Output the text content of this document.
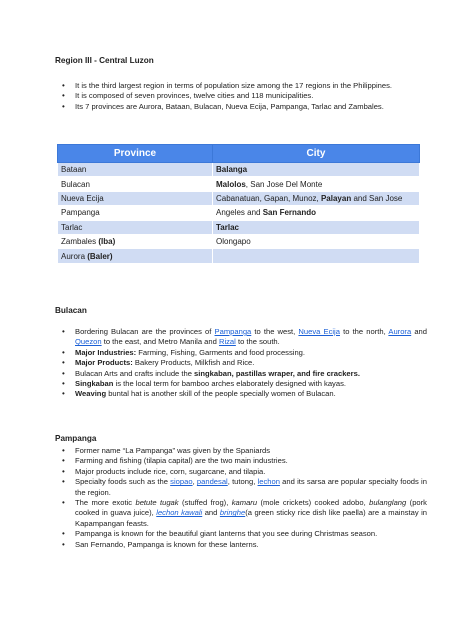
Region III - Central Luzon
• It is the third largest region in terms of population size among the 17 regions in the Philippines.
• It is composed of seven provinces, twelve cities and 118 municipalities.
• Its 7 provinces are Aurora, Bataan, Bulacan, Nueva Ecija, Pampanga, Tarlac and Zambales.
Province	City
Bataan	Balanga
Bulacan	Malolos, San Jose Del Monte
Nueva Ecija	Cabanatuan, Gapan, Munoz, Palayan and San Jose
Pampanga	Angeles and San Fernando
Tarlac	Tarlac
Zambales (Iba)	Olongapo
Aurora (Baler)	
Bulacan
• Bordering Bulacan are the provinces of Pampanga to the west, Nueva Ecija to the north, Aurora and Quezon to the east, and Metro Manila and Rizal to the south.
• Major Industries: Farming, Fishing, Garments and food processing.
• Major Products: Bakery Products, Milkfish and Rice.
• Bulacan Arts and crafts include the singkaban, pastillas wraper, and fire crackers.
• Singkaban is the local term for bamboo arches elaborately designed with kayas.
• Weaving buntal hat is another skill of the people specially women of Bulacan.
Pampanga
• Former name “La Pampanga” was given by the Spaniards
• Farming and fishing (tilapia capital) are the two main industries.
• Major products include rice, corn, sugarcane, and tilapia.
• Specialty foods such as the siopao, pandesal, tutong, lechon and its sarsa are popular specialty foods in the region.
• The more exotic betute tugak (stuffed frog), kamaru (mole crickets) cooked adobo, bulanglang (pork cooked in guava juice), lechon kawali and bringhe(a green sticky rice dish like paella) are a mainstay in Kapampangan feasts.
• Pampanga is known for the beautiful giant lanterns that you see during Christmas season.
• San Fernando, Pampanga is known for these lanterns.
